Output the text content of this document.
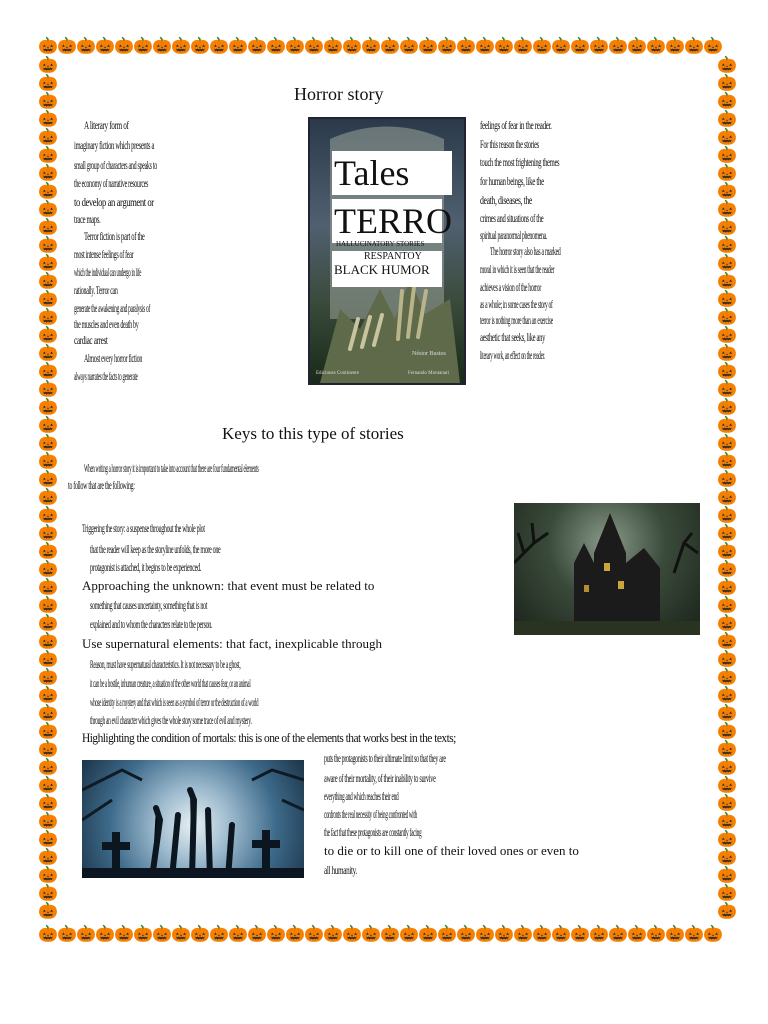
🎃 🎃 🎃 🎃 🎃 🎃 🎃 🎃 🎃 🎃 🎃 🎃 🎃 🎃 🎃 🎃 🎃 🎃 🎃 🎃 🎃 🎃 🎃 🎃 🎃 🎃 🎃 🎃 🎃 🎃 🎃 🎃 🎃 🎃 🎃 🎃
🎃 🎃 🎃 🎃 🎃 🎃 🎃 🎃 🎃 🎃 🎃 🎃 🎃 🎃 🎃 🎃 🎃 🎃 🎃 🎃 🎃 🎃 🎃 🎃 🎃 🎃 🎃 🎃 🎃 🎃 🎃 🎃 🎃 🎃 🎃 🎃
🎃
🎃
🎃
🎃
🎃
🎃
🎃
🎃
🎃
🎃
🎃
🎃
🎃
🎃
🎃
🎃
🎃
🎃
🎃
🎃
🎃
🎃
🎃
🎃
🎃
🎃
🎃
🎃
🎃
🎃
🎃
🎃
🎃
🎃
🎃
🎃
🎃
🎃
🎃
🎃
🎃
🎃
🎃
🎃
🎃
🎃
🎃
🎃
🎃
🎃
🎃
🎃
🎃
🎃
🎃
🎃
🎃
🎃
🎃
🎃
🎃
🎃
🎃
🎃
🎃
🎃
🎃
🎃
🎃
🎃
🎃
🎃
🎃
🎃
🎃
🎃
🎃
🎃
🎃
🎃
🎃
🎃
🎃
🎃
🎃
🎃
🎃
🎃
🎃
🎃
🎃
🎃
🎃
🎃
🎃
🎃
Horror story
A literary form of
imaginary fiction which presents a
small group of characters and speaks to
the economy of narrative resources
to develop an argument or
trace maps.
Terror fiction is part of the
most intense feelings of fear
which the individual can undergo in life
rationally. Terror can
generate the awakening and paralysis of
the muscles and even death by
cardiac arrest
Almost every horror fiction
always narrates the facts to generate
Tales
TERRO
HALLUCINATORY STORIES
RESPANTOY
BLACK HUMOR
Néstor Bustos
Ediciones Continente	Fernando Montanari
feelings of fear in the reader.
For this reason the stories
touch the most frightening themes
for human beings, like the
death, diseases, the
crimes and situations of the
spiritual paranormal phenomena.
The horror story also has a marked
moral in which it is seen that the reader
achieves a vision of the horror
as a whole; in some cases the story of
terror is nothing more than an exercise
aesthetic that seeks, like any
literary work, an effect on the reader.
Keys to this type of stories
When writing a horror story it is important to take into account that there are four fundamental elements
to follow that are the following:
Triggering the story: a suspense throughout the whole plot
that the reader will keep as the storyline unfolds, the more one
protagonist is attached, it begins to be experienced.
Approaching the unknown: that event must be related to
something that causes uncertainty, something that is not
explained and to whom the characters relate to the person.
Use supernatural elements: that fact, inexplicable through
Reason, must have supernatural characteristics. It is not necessary to be a ghost,
it can be a hostile, inhuman creature, a situation of the other world that causes fear, or an animal
whose identity is a mystery and that which is seen as a symbol of terror or the destruction of a world
through an evil character which gives the whole story some trace of evil and mystery.
Highlighting the condition of mortals: this is one of the elements that works best in the texts;
puts the protagonists to their ultimate limit so that they are
aware of their mortality, of their inability to survive
everything and which reaches their end
confronts the real necessity of being confronted with
the fact that these protagonists are constantly facing
to die or to kill one of their loved ones or even to
all humanity.
